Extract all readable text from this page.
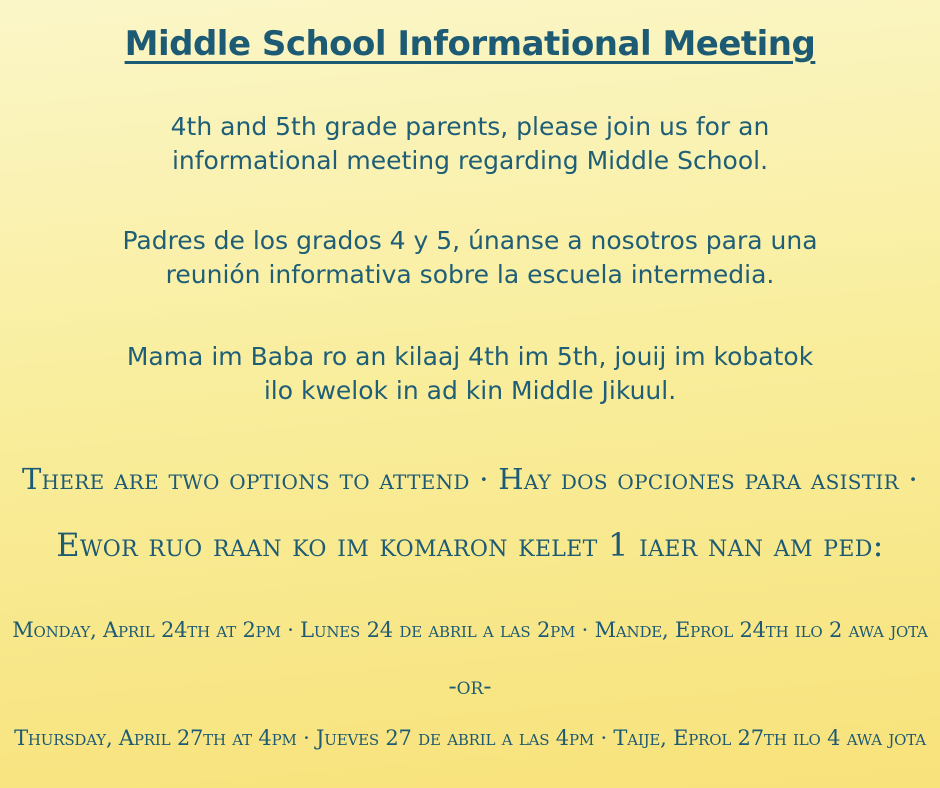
Middle School Informational Meeting
4th and 5th grade parents, please join us for an
informational meeting regarding Middle School.
Padres de los grados 4 y 5, únanse a nosotros para una
reunión informativa sobre la escuela intermedia.
Mama im Baba ro an kilaaj 4th im 5th, jouij im kobatok
ilo kwelok in ad kin Middle Jikuul.
There are two options to attend · Hay dos opciones para asistir ·
Ewor ruo raan ko im komaron kelet 1 iaer nan am ped:
Monday, April 24th at 2pm · Lunes 24 de abril a las 2pm · Mande, Eprol 24th ilo 2 awa jota
-or-
Thursday, April 27th at 4pm · Jueves 27 de abril a las 4pm · Taije, Eprol 27th ilo 4 awa jota
